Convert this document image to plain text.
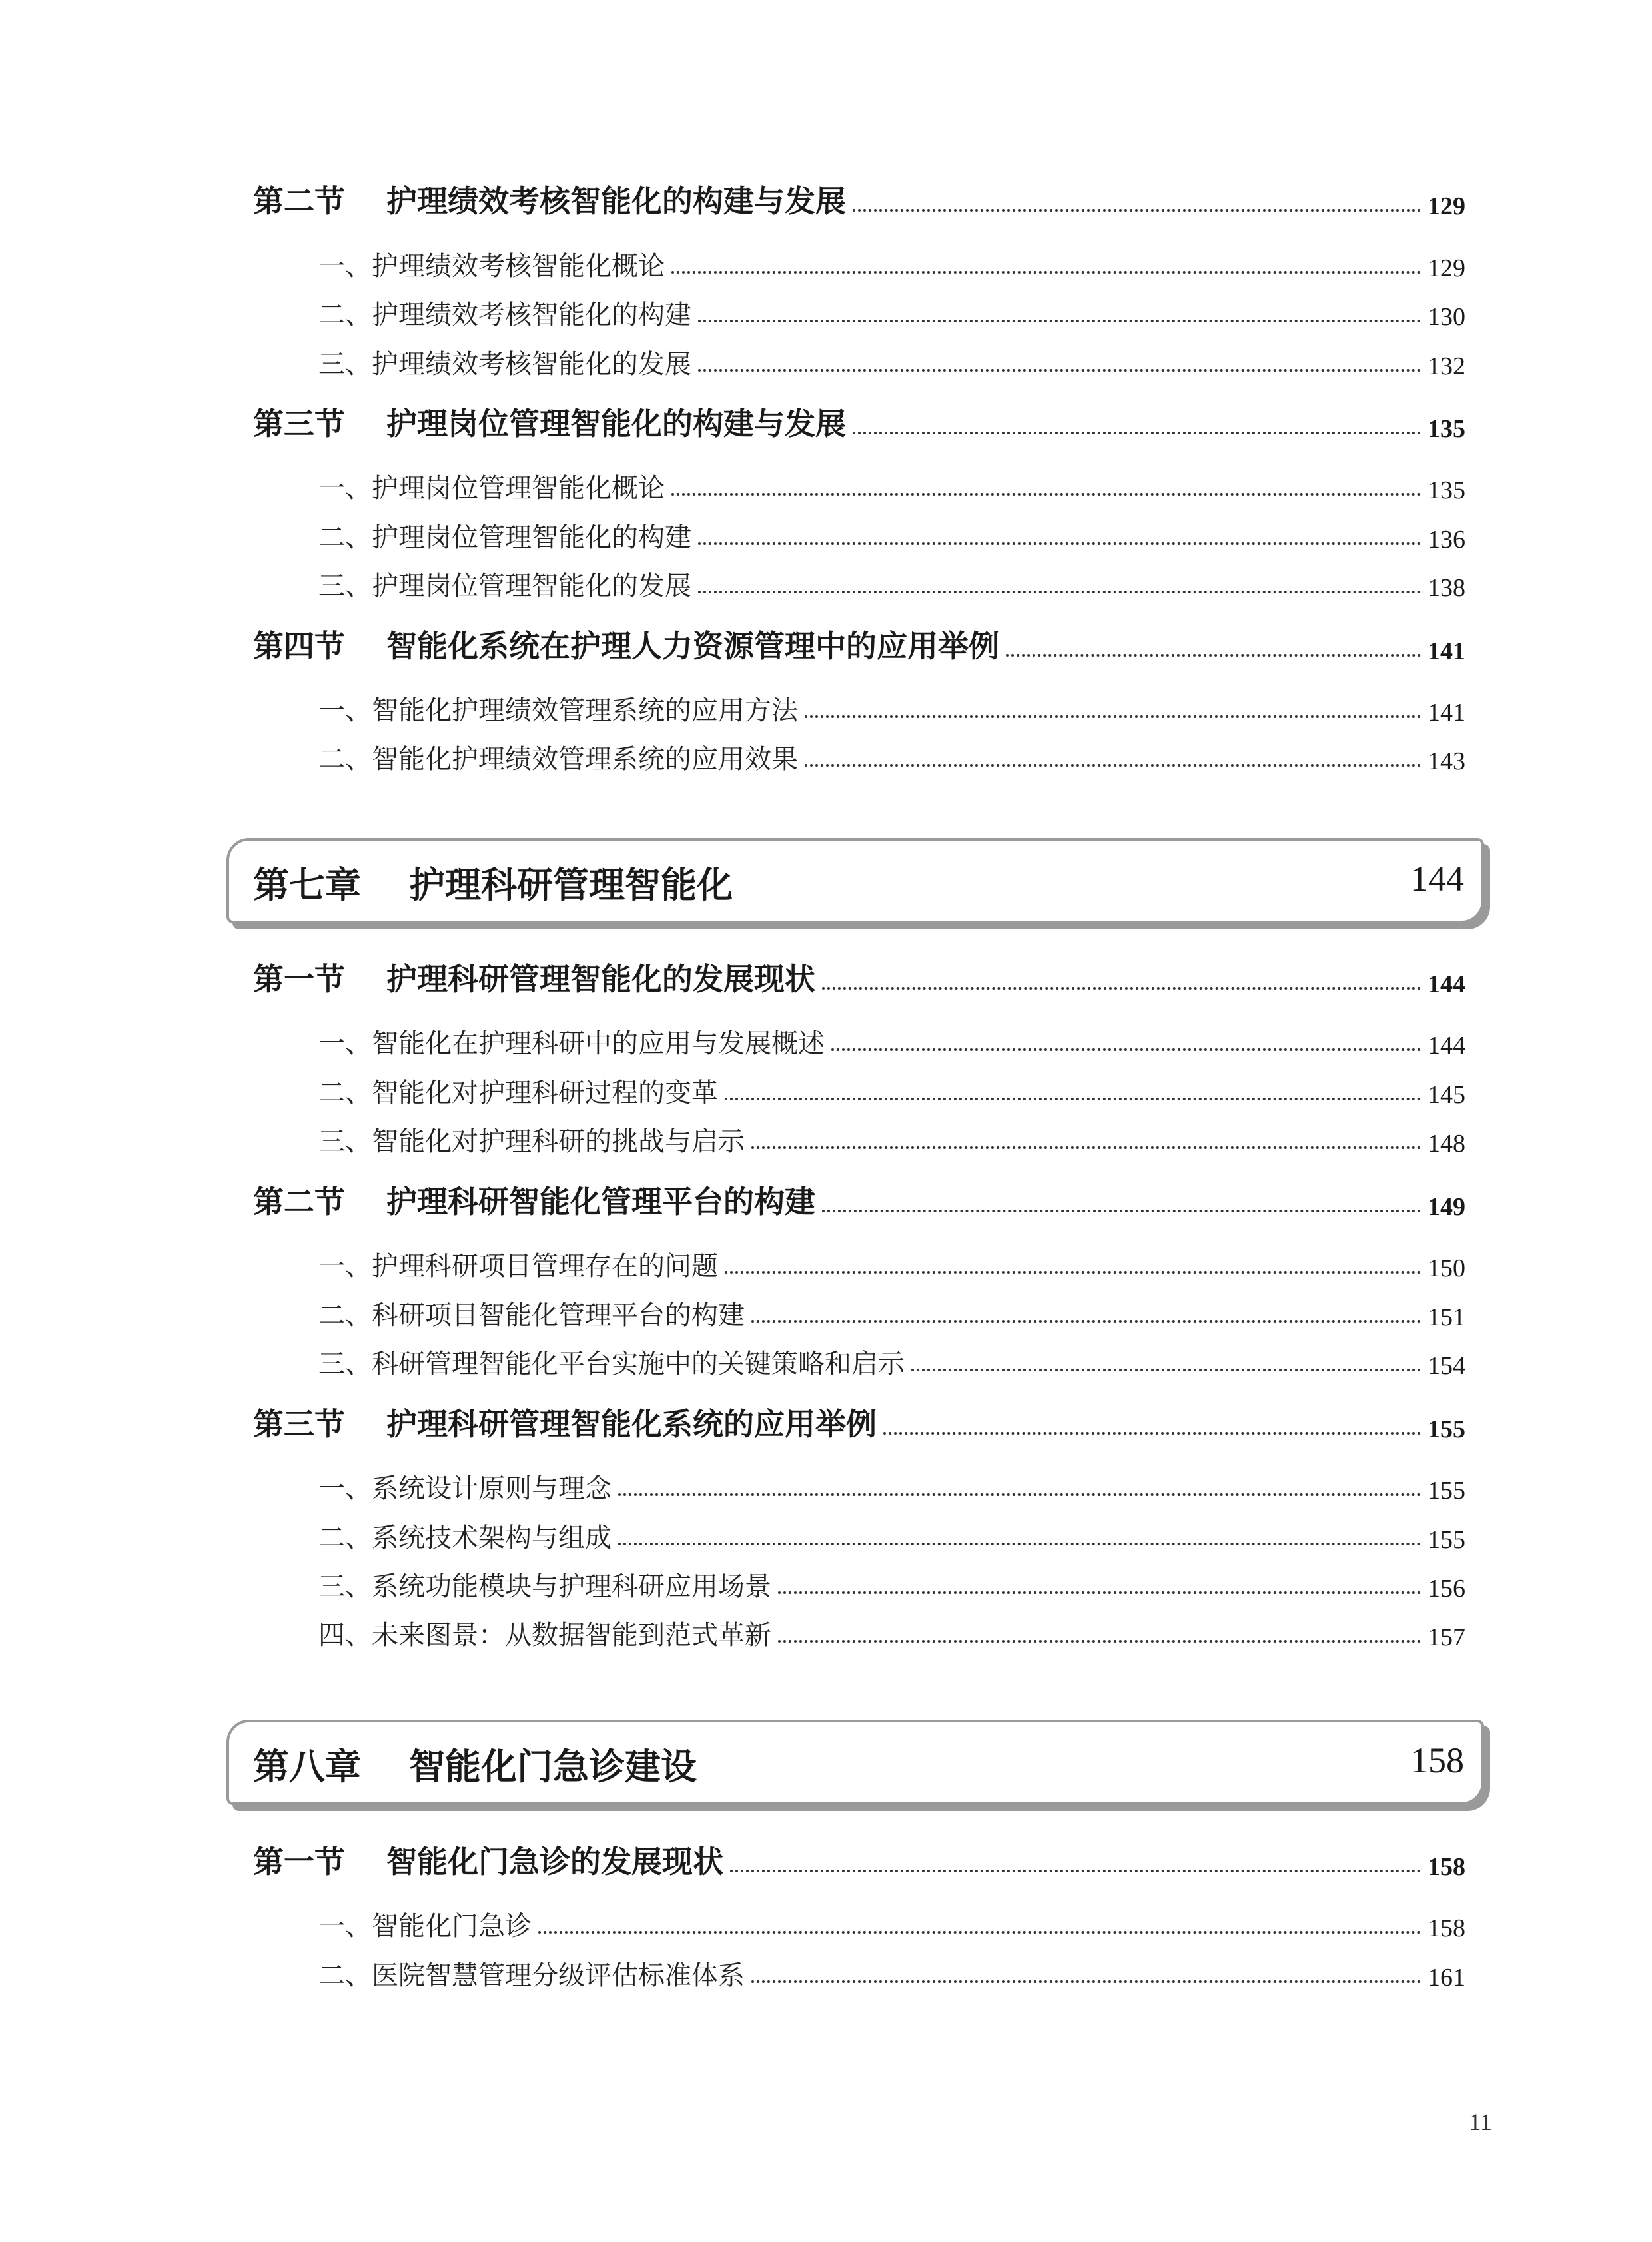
第二节	护理绩效考核智能化的构建与发展	129
一、护理绩效考核智能化概论	129
二、护理绩效考核智能化的构建	130
三、护理绩效考核智能化的发展	132
第三节	护理岗位管理智能化的构建与发展	135
一、护理岗位管理智能化概论	135
二、护理岗位管理智能化的构建	136
三、护理岗位管理智能化的发展	138
第四节	智能化系统在护理人力资源管理中的应用举例	141
一、智能化护理绩效管理系统的应用方法	141
二、智能化护理绩效管理系统的应用效果	143
第七章 护理科研管理智能化	144
第一节	护理科研管理智能化的发展现状	144
一、智能化在护理科研中的应用与发展概述	144
二、智能化对护理科研过程的变革	145
三、智能化对护理科研的挑战与启示	148
第二节	护理科研智能化管理平台的构建	149
一、护理科研项目管理存在的问题	150
二、科研项目智能化管理平台的构建	151
三、科研管理智能化平台实施中的关键策略和启示	154
第三节	护理科研管理智能化系统的应用举例	155
一、系统设计原则与理念	155
二、系统技术架构与组成	155
三、系统功能模块与护理科研应用场景	156
四、未来图景：从数据智能到范式革新	157
第八章 智能化门急诊建设	158
第一节	智能化门急诊的发展现状	158
一、智能化门急诊	158
二、医院智慧管理分级评估标准体系	161
11
